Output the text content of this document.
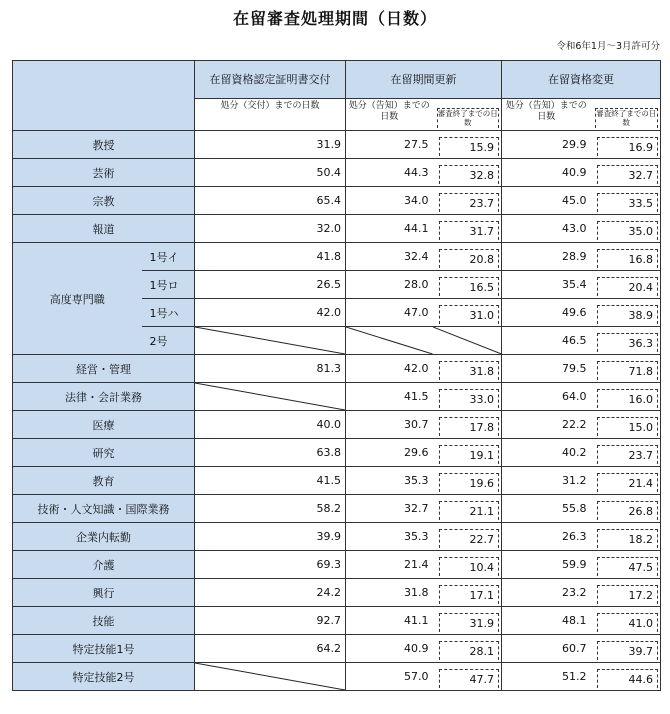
在留審査処理期間（日数）
令和6年1月～3月許可分
		在留資格認定証明書交付	在留期間更新		在留資格変更	
		処分（交付）までの日数	処分（告知）までの日数	審査終了までの日数	処分（告知）までの日数	審査終了までの日数

教授		31.9	27.5	15.9	29.9	16.9

芸術		50.4	44.3	32.8	40.9	32.7

宗教		65.4	34.0	23.7	45.0	33.5

報道		32.0	44.1	31.7	43.0	35.0

高度専門職	1号イ	41.8	32.4	20.8	28.9	16.8

	1号ロ	26.5	28.0	16.5	35.4	20.4

	1号ハ	42.0	47.0	31.0	49.6	38.9

	2号				46.5	36.3

経営・管理		81.3	42.0	31.8	79.5	71.8

法律・会計業務			41.5	33.0	64.0	16.0

医療		40.0	30.7	17.8	22.2	15.0

研究		63.8	29.6	19.1	40.2	23.7

教育		41.5	35.3	19.6	31.2	21.4

技術・人文知識・国際業務		58.2	32.7	21.1	55.8	26.8

企業内転勤		39.9	35.3	22.7	26.3	18.2

介護		69.3	21.4	10.4	59.9	47.5

興行		24.2	31.8	17.1	23.2	17.2

技能		92.7	41.1	31.9	48.1	41.0

特定技能1号		64.2	40.9	28.1	60.7	39.7

特定技能2号			57.0	47.7	51.2	44.6
